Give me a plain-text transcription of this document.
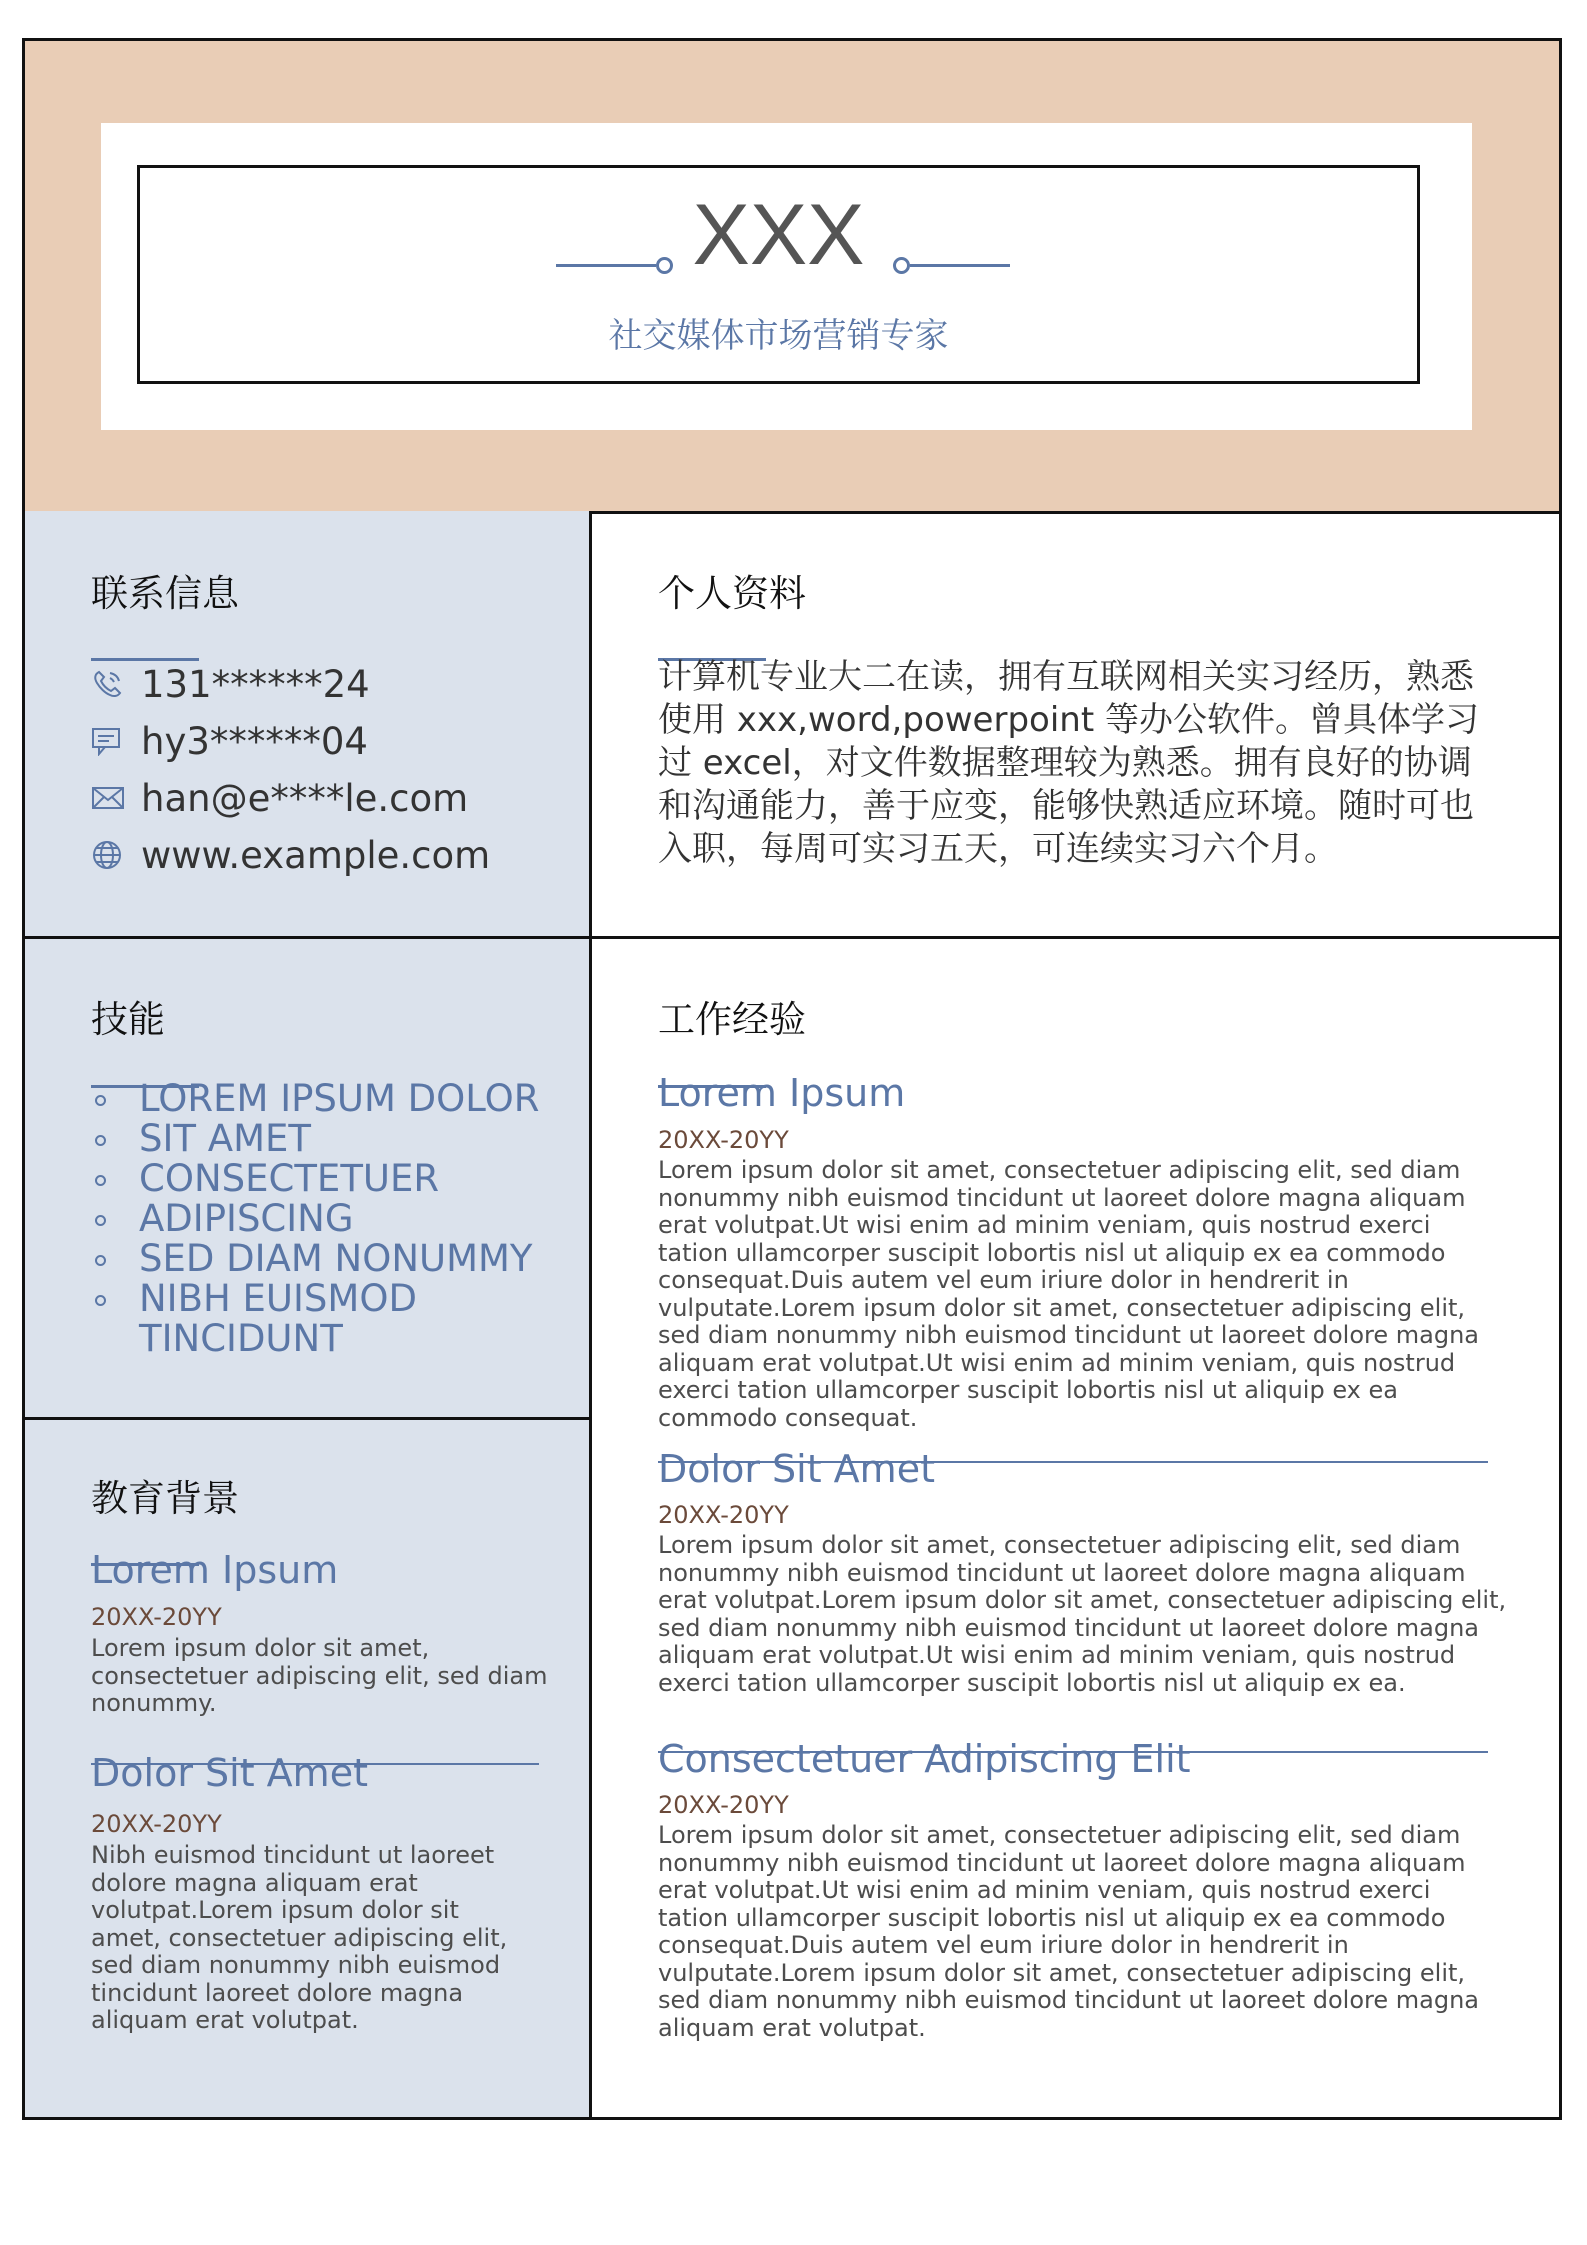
XXX
社交媒体市场营销专家
联系信息
131******24
hy3******04
han@e****le.com
www.example.com
技能
LOREM IPSUM DOLOR
SIT AMET
CONSECTETUER
ADIPISCING
SED DIAM NONUMMY
NIBH EUISMOD TINCIDUNT
教育背景
Lorem Ipsum
20XX-20YY
Lorem ipsum dolor sit amet, consectetuer adipiscing elit, sed diam nonummy.
Dolor Sit Amet
20XX-20YY
Nibh euismod tincidunt ut laoreet dolore magna aliquam erat volutpat.Lorem ipsum dolor sit amet, consectetuer adipiscing elit, sed diam nonummy nibh euismod tincidunt laoreet dolore magna aliquam erat volutpat.
个人资料
计算机专业大二在读，拥有互联网相关实习经历，熟悉使用 xxx,word,powerpoint 等办公软件。曾具体学习过 excel，对文件数据整理较为熟悉。拥有良好的协调和沟通能力，善于应变，能够快熟适应环境。随时可也入职，每周可实习五天，可连续实习六个月。
工作经验
Lorem Ipsum
20XX-20YY
Lorem ipsum dolor sit amet, consectetuer adipiscing elit, sed diam nonummy nibh euismod tincidunt ut laoreet dolore magna aliquam erat volutpat.Ut wisi enim ad minim veniam, quis nostrud exerci tation ullamcorper suscipit lobortis nisl ut aliquip ex ea commodo consequat.Duis autem vel eum iriure dolor in hendrerit in vulputate.Lorem ipsum dolor sit amet, consectetuer adipiscing elit, sed diam nonummy nibh euismod tincidunt ut laoreet dolore magna aliquam erat volutpat.Ut wisi enim ad minim veniam, quis nostrud exerci tation ullamcorper suscipit lobortis nisl ut aliquip ex ea commodo consequat.
Dolor Sit Amet
20XX-20YY
Lorem ipsum dolor sit amet, consectetuer adipiscing elit, sed diam nonummy nibh euismod tincidunt ut laoreet dolore magna aliquam erat volutpat.Lorem ipsum dolor sit amet, consectetuer adipiscing elit, sed diam nonummy nibh euismod tincidunt ut laoreet dolore magna aliquam erat volutpat.Ut wisi enim ad minim veniam, quis nostrud exerci tation ullamcorper suscipit lobortis nisl ut aliquip ex ea.
Consectetuer Adipiscing Elit
20XX-20YY
Lorem ipsum dolor sit amet, consectetuer adipiscing elit, sed diam nonummy nibh euismod tincidunt ut laoreet dolore magna aliquam erat volutpat.Ut wisi enim ad minim veniam, quis nostrud exerci tation ullamcorper suscipit lobortis nisl ut aliquip ex ea commodo consequat.Duis autem vel eum iriure dolor in hendrerit in vulputate.Lorem ipsum dolor sit amet, consectetuer adipiscing elit, sed diam nonummy nibh euismod tincidunt ut laoreet dolore magna aliquam erat volutpat.
